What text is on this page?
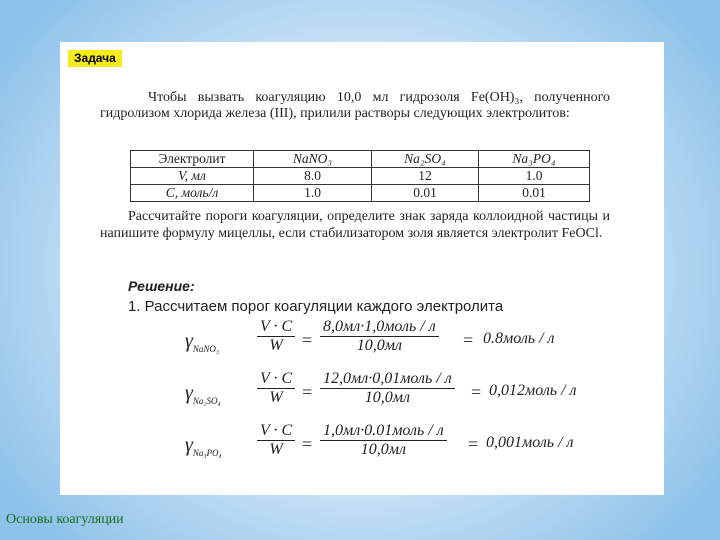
Задача
Чтобы вызвать коагуляцию 10,0 мл гидрозоля Fe(OH)₃, полученного гидролизом хлорида железа (III), прилили растворы следующих электролитов:
Электролит	NaNO₃	Na₂SO₄	Na₃PO₄
V, мл	8.0	12	1.0
С, моль/л	1.0	0.01	0.01
Рассчитайте пороги коагуляции, определите знак заряда коллоидной частицы и напишите формулу мицеллы, если стабилизатором золя является электролит FeOCl.
Решение:
1. Рассчитаем порог коагуляции каждого электролита
$\gamma_{NaNO_3} \frac{V \cdot C}{W}$ =
8,0мл·1,0моль / л
10,0мл	= 0.8моль / л
$\gamma_{Na_2SO_4} \frac{V \cdot C}{W}$ =
12,0мл·0,01моль / л
10,0мл	= 0,012моль / л
$\gamma_{Na_3PO_4} \frac{V \cdot C}{W}$ =
1,0мл·0.01моль / л
10,0мл	= 0,001моль / л
Основы коагуляции
